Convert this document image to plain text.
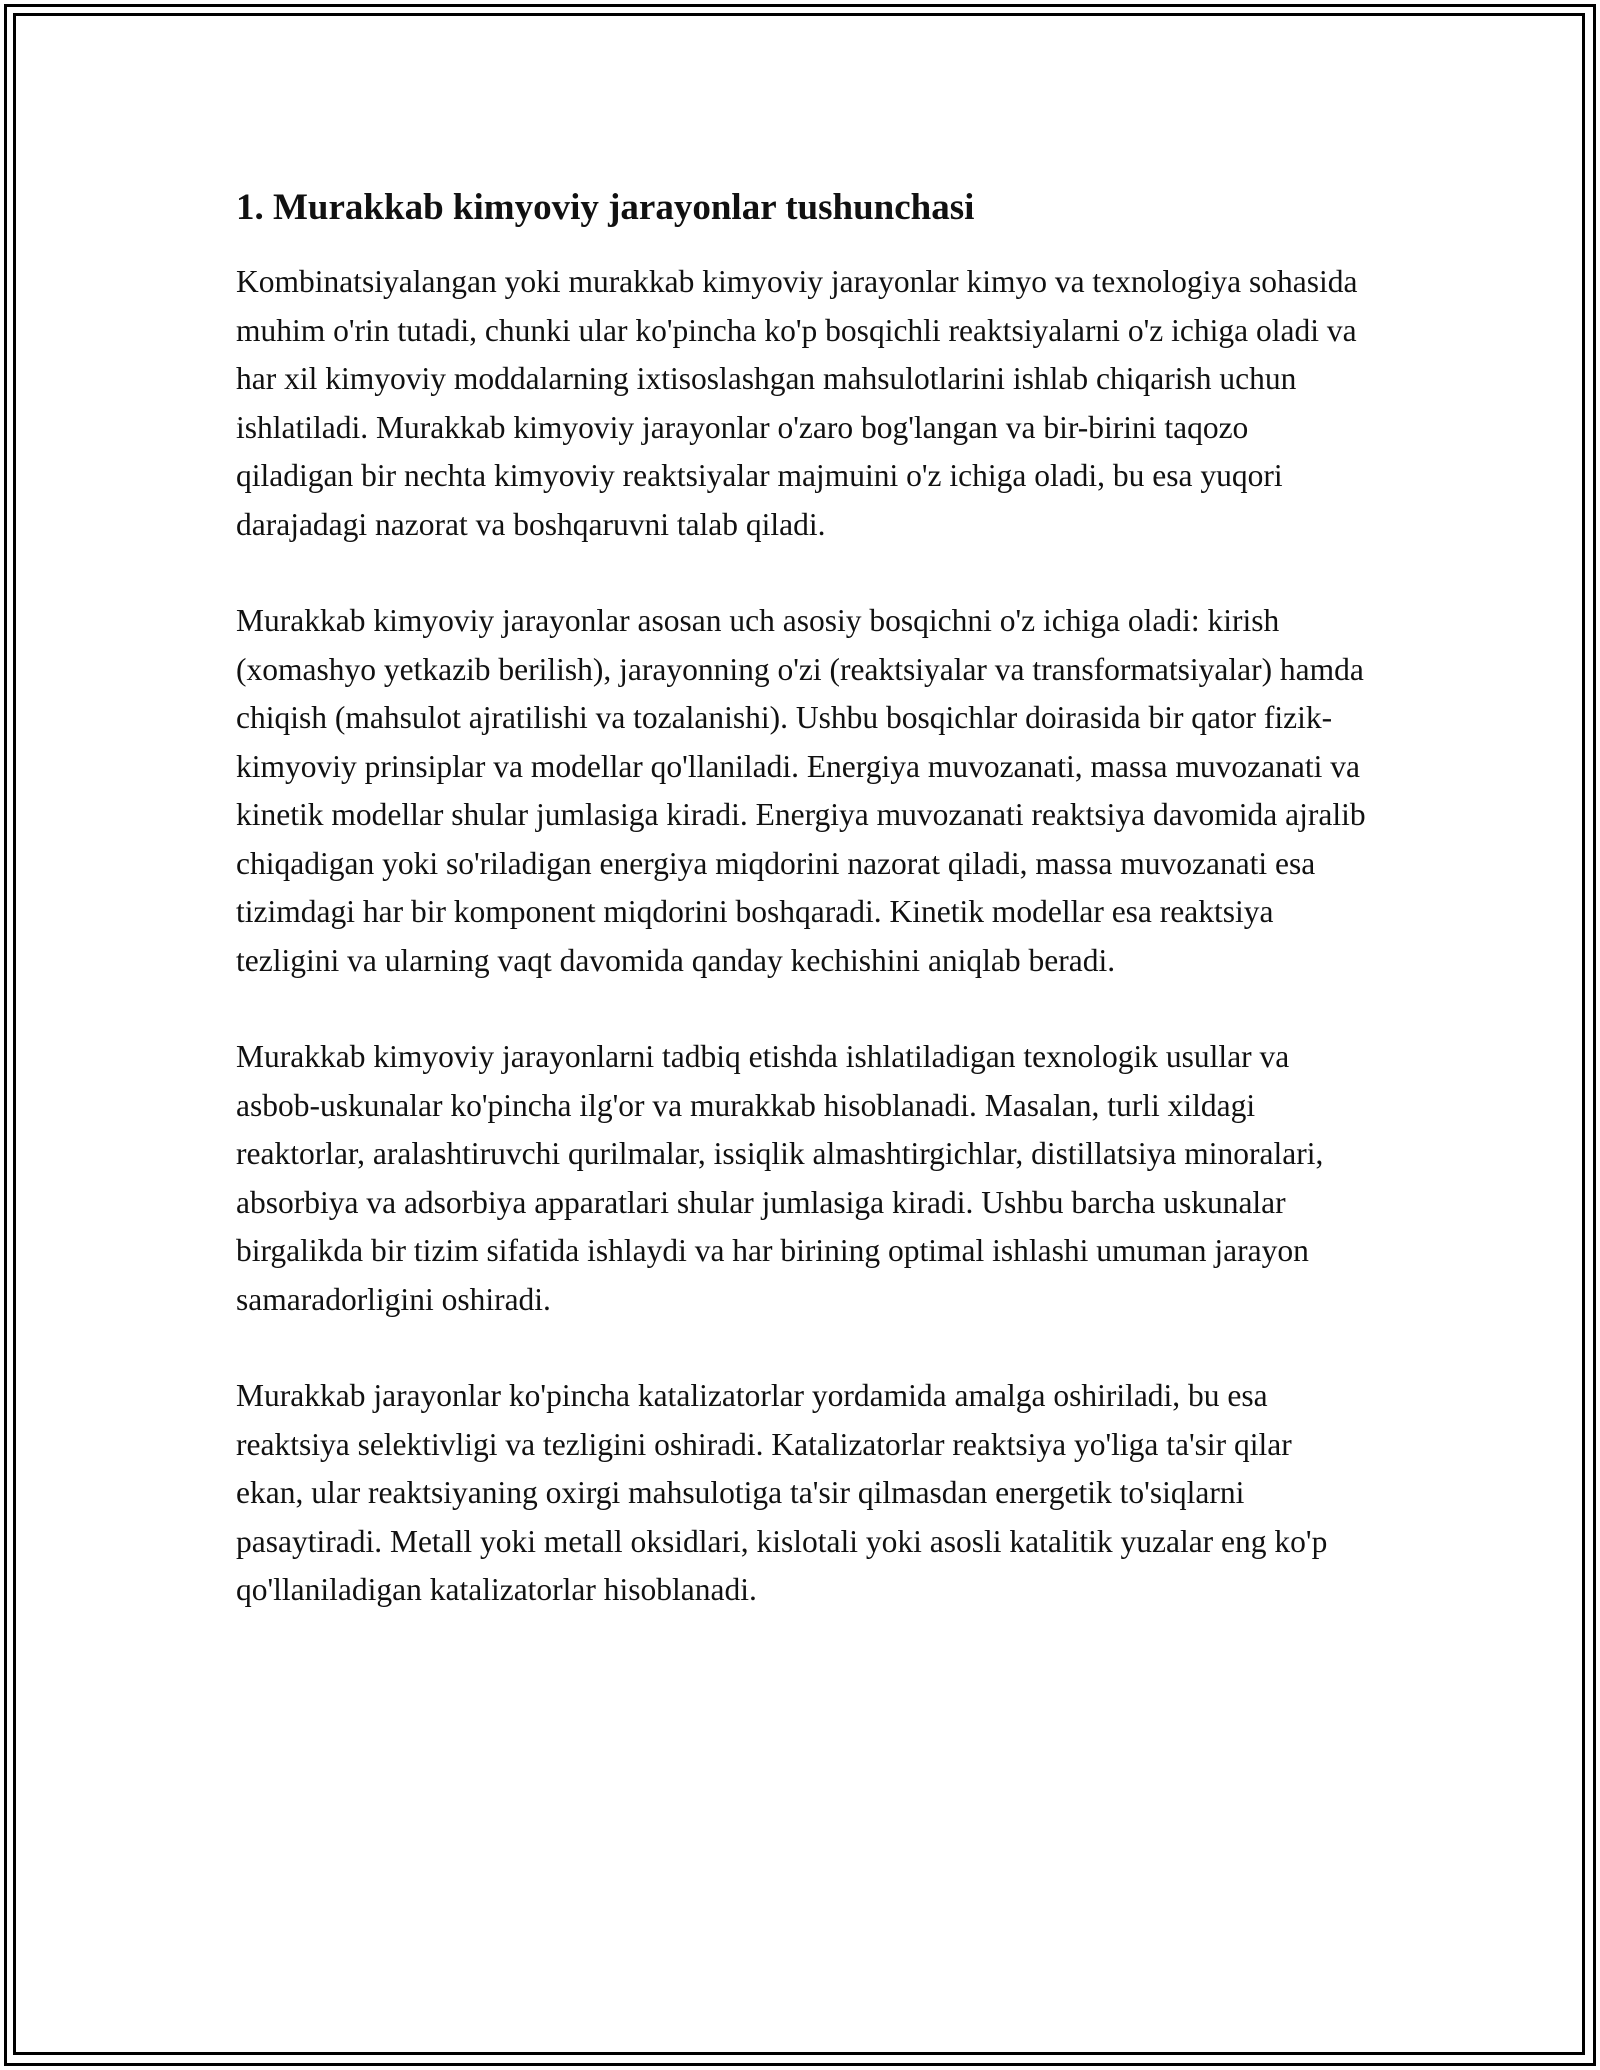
1. Murakkab kimyoviy jarayonlar tushunchasi

Kombinatsiyalangan yoki murakkab kimyoviy jarayonlar kimyo va texnologiya sohasida muhim o'rin tutadi, chunki ular ko'pincha ko'p bosqichli reaktsiyalarni o'z ichiga oladi va har xil kimyoviy moddalarning ixtisoslashgan mahsulotlarini ishlab chiqarish uchun ishlatiladi. Murakkab kimyoviy jarayonlar o'zaro bog'langan va bir-birini taqozo qiladigan bir nechta kimyoviy reaktsiyalar majmuini o'z ichiga oladi, bu esa yuqori darajadagi nazorat va boshqaruvni talab qiladi.

Murakkab kimyoviy jarayonlar asosan uch asosiy bosqichni o'z ichiga oladi: kirish (xomashyo yetkazib berilish), jarayonning o'zi (reaktsiyalar va transformatsiyalar) hamda chiqish (mahsulot ajratilishi va tozalanishi). Ushbu bosqichlar doirasida bir qator fizik-kimyoviy prinsiplar va modellar qo'llaniladi. Energiya muvozanati, massa muvozanati va kinetik modellar shular jumlasiga kiradi. Energiya muvozanati reaktsiya davomida ajralib chiqadigan yoki so'riladigan energiya miqdorini nazorat qiladi, massa muvozanati esa tizimdagi har bir komponent miqdorini boshqaradi. Kinetik modellar esa reaktsiya tezligini va ularning vaqt davomida qanday kechishini aniqlab beradi.

Murakkab kimyoviy jarayonlarni tadbiq etishda ishlatiladigan texnologik usullar va asbob-uskunalar ko'pincha ilg'or va murakkab hisoblanadi. Masalan, turli xildagi reaktorlar, aralashtiruvchi qurilmalar, issiqlik almashtirgichlar, distillatsiya minoralari, absorbiya va adsorbiya apparatlari shular jumlasiga kiradi. Ushbu barcha uskunalar birgalikda bir tizim sifatida ishlaydi va har birining optimal ishlashi umuman jarayon samaradorligini oshiradi.

Murakkab jarayonlar ko'pincha katalizatorlar yordamida amalga oshiriladi, bu esa reaktsiya selektivligi va tezligini oshiradi. Katalizatorlar reaktsiya yo'liga ta'sir qilar ekan, ular reaktsiyaning oxirgi mahsulotiga ta'sir qilmasdan energetik to'siqlarni pasaytiradi. Metall yoki metall oksidlari, kislotali yoki asosli katalitik yuzalar eng ko'p qo'llaniladigan katalizatorlar hisoblanadi.
